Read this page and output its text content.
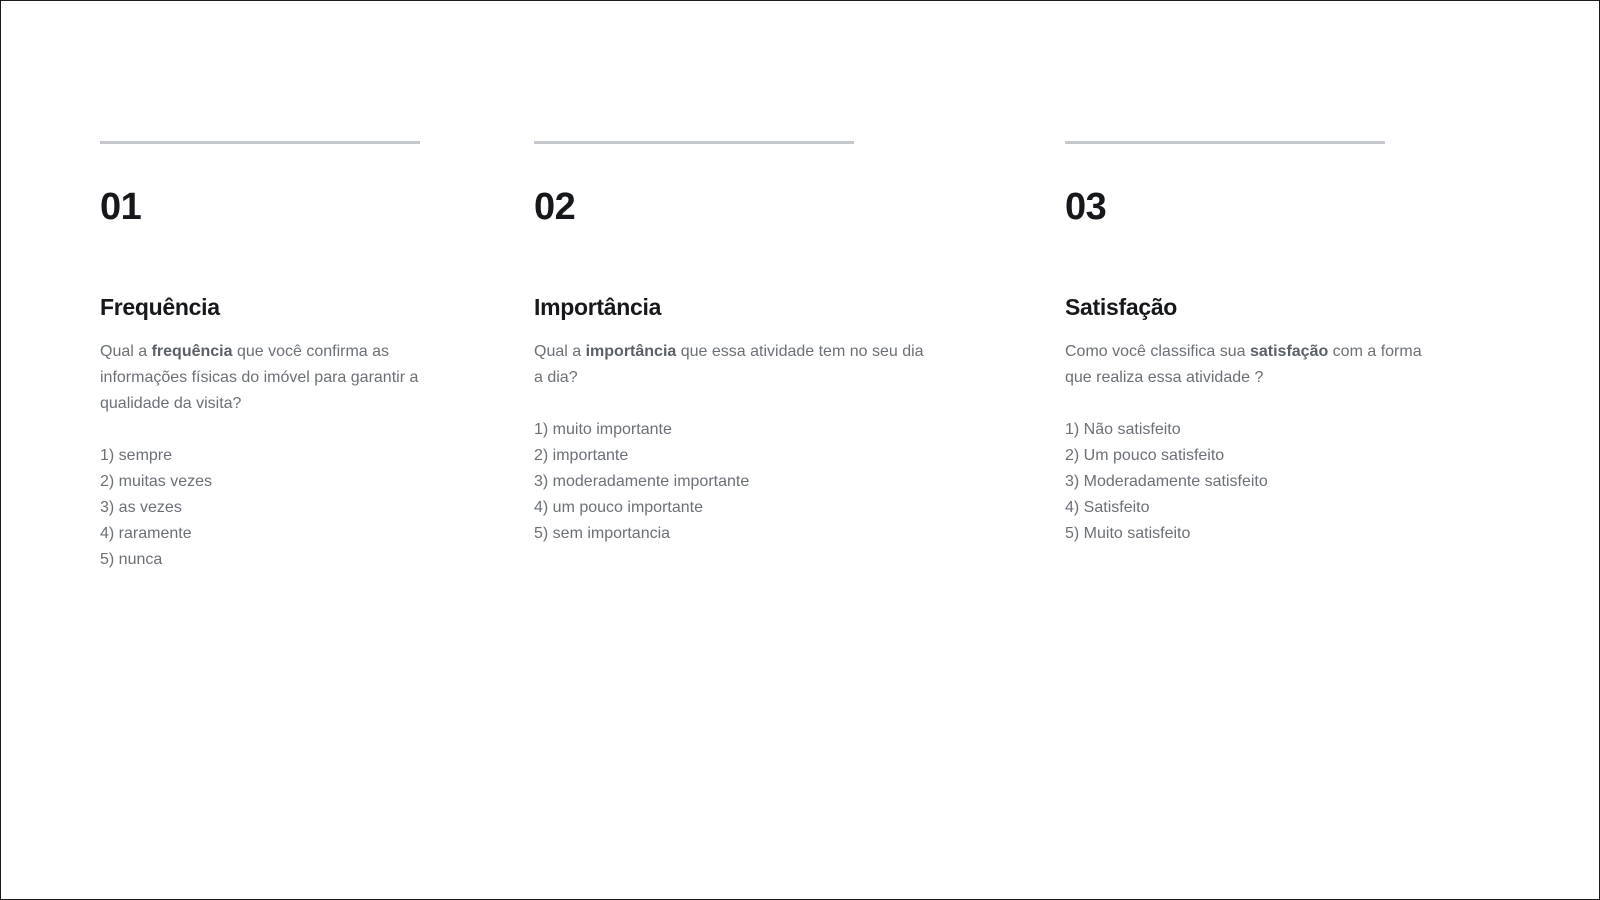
01
Frequência

Qual a frequência que você confirma as informações físicas do imóvel para garantir a qualidade da visita?

1) sempre
2) muitas vezes
3) as vezes
4) raramente
5) nunca
02
Importância

Qual a importância que essa atividade tem no seu dia a dia?

1) muito importante
2) importante
3) moderadamente importante
4) um pouco importante
5) sem importancia
03
Satisfação

Como você classifica sua satisfação com a forma que realiza essa atividade ?

1) Não satisfeito
2) Um pouco satisfeito
3) Moderadamente satisfeito
4) Satisfeito
5) Muito satisfeito
